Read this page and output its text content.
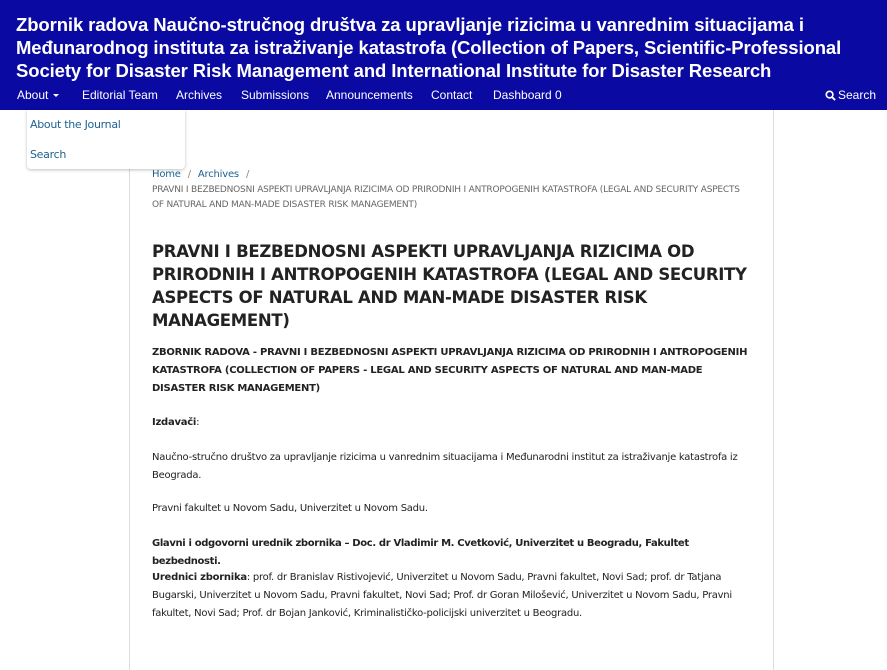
Zbornik radova Naučno-stručnog društva za upravljanje rizicima u vanrednim situacijama i Međunarodnog instituta za istraživanje katastrofa (Collection of Papers, Scientific-Professional Society for Disaster Risk Management and International Institute for Disaster Research
About	Editorial Team Archives Submissions Announcements Contact Dashboard 0	Search
About the Journal
Search
Home / Archives /
PRAVNI I BEZBEDNOSNI ASPEKTI UPRAVLJANJA RIZICIMA OD PRIRODNIH I ANTROPOGENIH KATASTROFA (LEGAL AND SECURITY ASPECTS OF NATURAL AND MAN-MADE DISASTER RISK MANAGEMENT)
PRAVNI I BEZBEDNOSNI ASPEKTI UPRAVLJANJA RIZICIMA OD PRIRODNIH I ANTROPOGENIH KATASTROFA (LEGAL AND SECURITY ASPECTS OF NATURAL AND MAN-MADE DISASTER RISK MANAGEMENT)
ZBORNIK RADOVA - PRAVNI I BEZBEDNOSNI ASPEKTI UPRAVLJANJA RIZICIMA OD PRIRODNIH I ANTROPOGENIH KATASTROFA (COLLECTION OF PAPERS - LEGAL AND SECURITY ASPECTS OF NATURAL AND MAN-MADE DISASTER RISK MANAGEMENT)
Izdavači:
Naučno-stručno društvo za upravljanje rizicima u vanrednim situacijama i Međunarodni institut za istraživanje katastrofa iz Beograda.
Pravni fakultet u Novom Sadu, Univerzitet u Novom Sadu.
Glavni i odgovorni urednik zbornika – Doc. dr Vladimir M. Cvetković, Univerzitet u Beogradu, Fakultet bezbednosti.
Urednici zbornika: prof. dr Branislav Ristivojević, Univerzitet u Novom Sadu, Pravni fakultet, Novi Sad; prof. dr Tatjana Bugarski, Univerzitet u Novom Sadu, Pravni fakultet, Novi Sad; Prof. dr Goran Milošević, Univerzitet u Novom Sadu, Pravni fakultet, Novi Sad; Prof. dr Bojan Janković, Kriminalističko-policijski univerzitet u Beogradu.
